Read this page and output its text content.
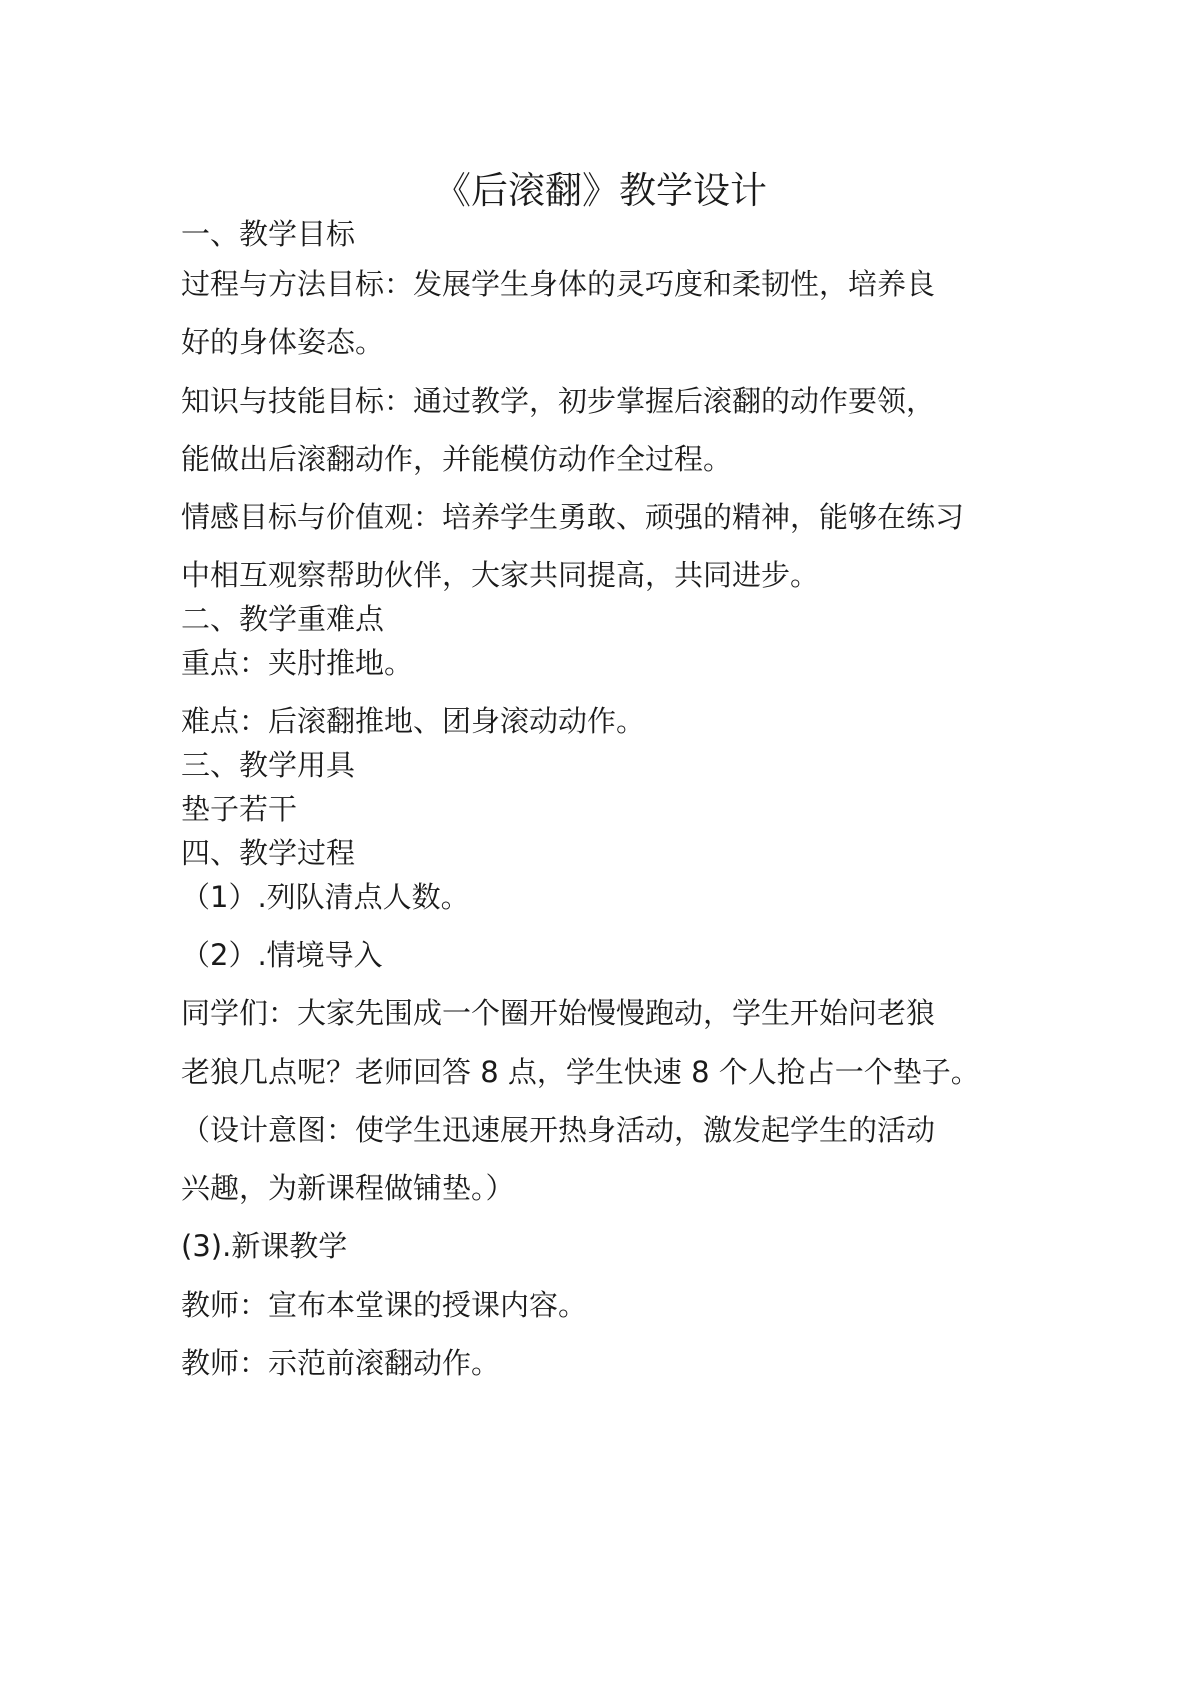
《后滚翻》教学设计
一、教学目标
过程与方法目标：发展学生身体的灵巧度和柔韧性，培养良
好的身体姿态。
知识与技能目标：通过教学，初步掌握后滚翻的动作要领，
能做出后滚翻动作，并能模仿动作全过程。
情感目标与价值观：培养学生勇敢、顽强的精神，能够在练习
中相互观察帮助伙伴，大家共同提高，共同进步。
二、教学重难点
重点：夹肘推地。
难点：后滚翻推地、团身滚动动作。
三、教学用具
垫子若干
四、教学过程
（1）.列队清点人数。
（2）.情境导入
同学们：大家先围成一个圈开始慢慢跑动，学生开始问老狼
老狼几点呢？老师回答 8 点，学生快速 8 个人抢占一个垫子。
（设计意图：使学生迅速展开热身活动，激发起学生的活动
兴趣，为新课程做铺垫。）
(3).新课教学
教师：宣布本堂课的授课内容。
教师：示范前滚翻动作。
